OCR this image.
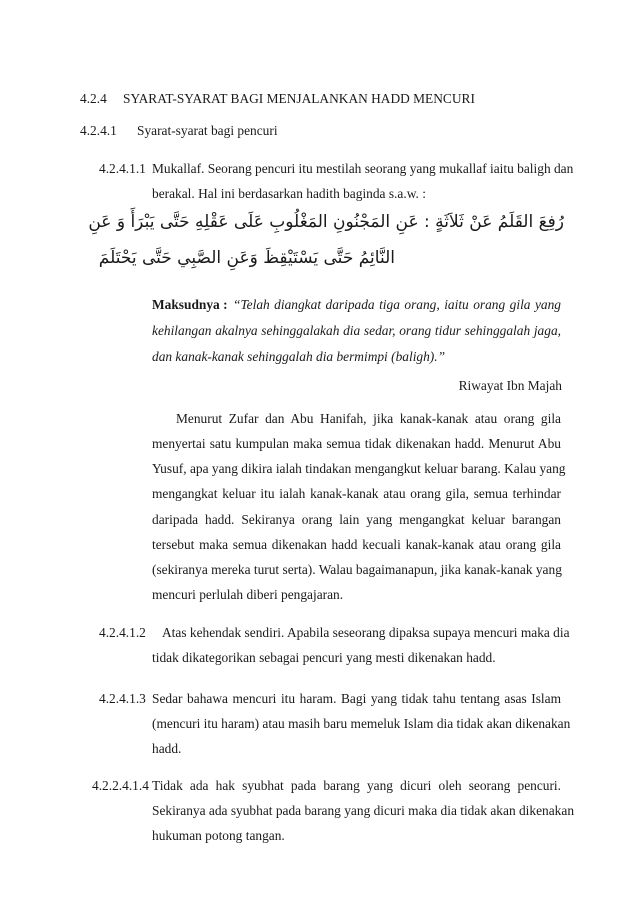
4.2.4 SYARAT-SYARAT BAGI MENJALANKAN HADD MENCURI
4.2.4.1 Syarat-syarat bagi pencuri
4.2.4.1.1 Mukallaf. Seorang pencuri itu mestilah seorang yang mukallaf iaitu baligh dan
berakal. Hal ini berdasarkan hadith baginda s.a.w. :
رُفِعَ القَلَمُ عَنْ ثَلاَثَةٍ : عَنِ المَجْنُونِ المَغْلُوبِ عَلَى عَقْلِهِ حَتَّى يَبْرَأَ وَ عَنِ
النَّائِمُ حَتَّى يَسْتَيْقِظَ وَعَنِ الصَّبِي حَتَّى يَحْتَلَمَ
Maksudnya : “Telah diangkat daripada tiga orang, iaitu orang gila yang
kehilangan akalnya sehinggalakah dia sedar, orang tidur sehinggalah jaga,
dan kanak-kanak sehinggalah dia bermimpi (baligh).”
Riwayat Ibn Majah
Menurut Zufar dan Abu Hanifah, jika kanak-kanak atau orang gila
menyertai satu kumpulan maka semua tidak dikenakan hadd. Menurut Abu
Yusuf, apa yang dikira ialah tindakan mengangkut keluar barang. Kalau yang
mengangkat keluar itu ialah kanak-kanak atau orang gila, semua terhindar
daripada hadd. Sekiranya orang lain yang mengangkat keluar barangan
tersebut maka semua dikenakan hadd kecuali kanak-kanak atau orang gila
(sekiranya mereka turut serta). Walau bagaimanapun, jika kanak-kanak yang
mencuri perlulah diberi pengajaran.
4.2.4.1.2 Atas kehendak sendiri. Apabila seseorang dipaksa supaya mencuri maka dia
tidak dikategorikan sebagai pencuri yang mesti dikenakan hadd.
4.2.4.1.3 Sedar bahawa mencuri itu haram. Bagi yang tidak tahu tentang asas Islam
(mencuri itu haram) atau masih baru memeluk Islam dia tidak akan dikenakan
hadd.
4.2.2.4.1.4 Tidak ada hak syubhat pada barang yang dicuri oleh seorang pencuri.
Sekiranya ada syubhat pada barang yang dicuri maka dia tidak akan dikenakan
hukuman potong tangan.
